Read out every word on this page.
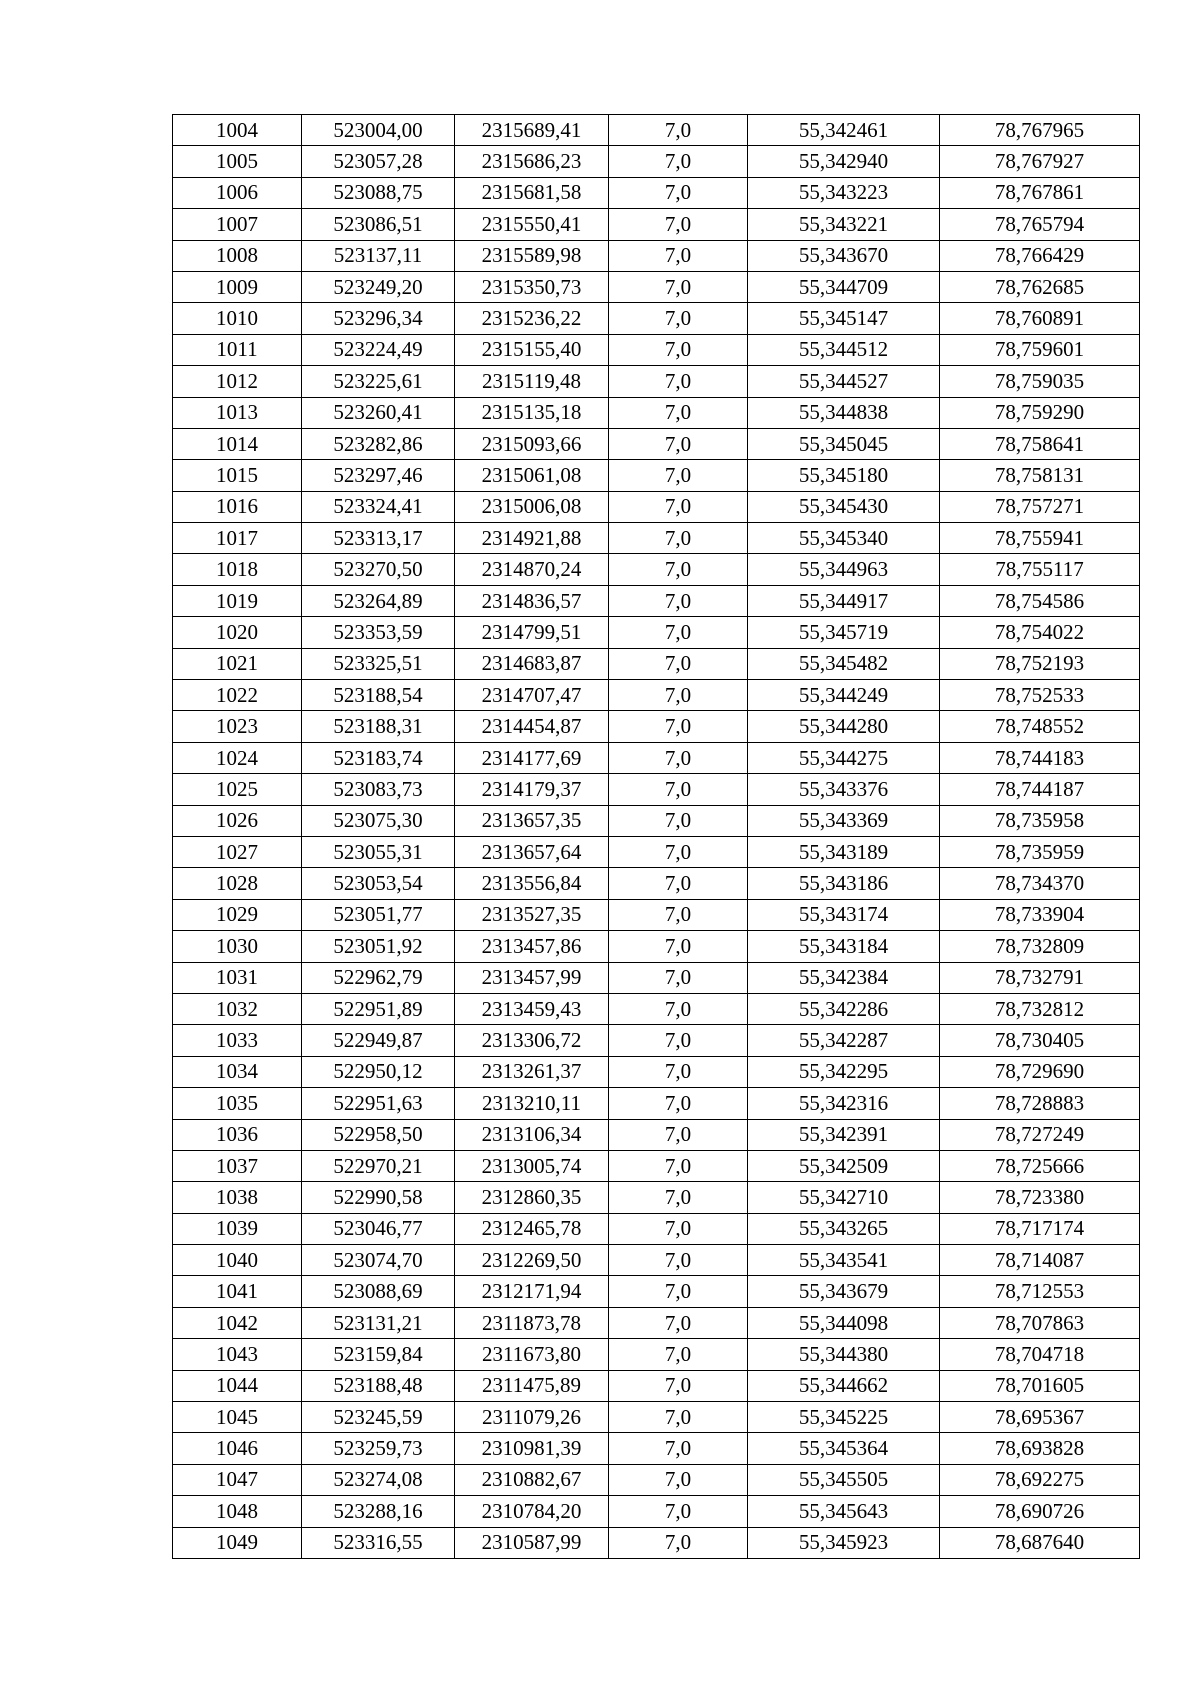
1004	523004,00	2315689,41	7,0	55,342461	78,767965
1005	523057,28	2315686,23	7,0	55,342940	78,767927
1006	523088,75	2315681,58	7,0	55,343223	78,767861
1007	523086,51	2315550,41	7,0	55,343221	78,765794
1008	523137,11	2315589,98	7,0	55,343670	78,766429
1009	523249,20	2315350,73	7,0	55,344709	78,762685
1010	523296,34	2315236,22	7,0	55,345147	78,760891
1011	523224,49	2315155,40	7,0	55,344512	78,759601
1012	523225,61	2315119,48	7,0	55,344527	78,759035
1013	523260,41	2315135,18	7,0	55,344838	78,759290
1014	523282,86	2315093,66	7,0	55,345045	78,758641
1015	523297,46	2315061,08	7,0	55,345180	78,758131
1016	523324,41	2315006,08	7,0	55,345430	78,757271
1017	523313,17	2314921,88	7,0	55,345340	78,755941
1018	523270,50	2314870,24	7,0	55,344963	78,755117
1019	523264,89	2314836,57	7,0	55,344917	78,754586
1020	523353,59	2314799,51	7,0	55,345719	78,754022
1021	523325,51	2314683,87	7,0	55,345482	78,752193
1022	523188,54	2314707,47	7,0	55,344249	78,752533
1023	523188,31	2314454,87	7,0	55,344280	78,748552
1024	523183,74	2314177,69	7,0	55,344275	78,744183
1025	523083,73	2314179,37	7,0	55,343376	78,744187
1026	523075,30	2313657,35	7,0	55,343369	78,735958
1027	523055,31	2313657,64	7,0	55,343189	78,735959
1028	523053,54	2313556,84	7,0	55,343186	78,734370
1029	523051,77	2313527,35	7,0	55,343174	78,733904
1030	523051,92	2313457,86	7,0	55,343184	78,732809
1031	522962,79	2313457,99	7,0	55,342384	78,732791
1032	522951,89	2313459,43	7,0	55,342286	78,732812
1033	522949,87	2313306,72	7,0	55,342287	78,730405
1034	522950,12	2313261,37	7,0	55,342295	78,729690
1035	522951,63	2313210,11	7,0	55,342316	78,728883
1036	522958,50	2313106,34	7,0	55,342391	78,727249
1037	522970,21	2313005,74	7,0	55,342509	78,725666
1038	522990,58	2312860,35	7,0	55,342710	78,723380
1039	523046,77	2312465,78	7,0	55,343265	78,717174
1040	523074,70	2312269,50	7,0	55,343541	78,714087
1041	523088,69	2312171,94	7,0	55,343679	78,712553
1042	523131,21	2311873,78	7,0	55,344098	78,707863
1043	523159,84	2311673,80	7,0	55,344380	78,704718
1044	523188,48	2311475,89	7,0	55,344662	78,701605
1045	523245,59	2311079,26	7,0	55,345225	78,695367
1046	523259,73	2310981,39	7,0	55,345364	78,693828
1047	523274,08	2310882,67	7,0	55,345505	78,692275
1048	523288,16	2310784,20	7,0	55,345643	78,690726
1049	523316,55	2310587,99	7,0	55,345923	78,687640
